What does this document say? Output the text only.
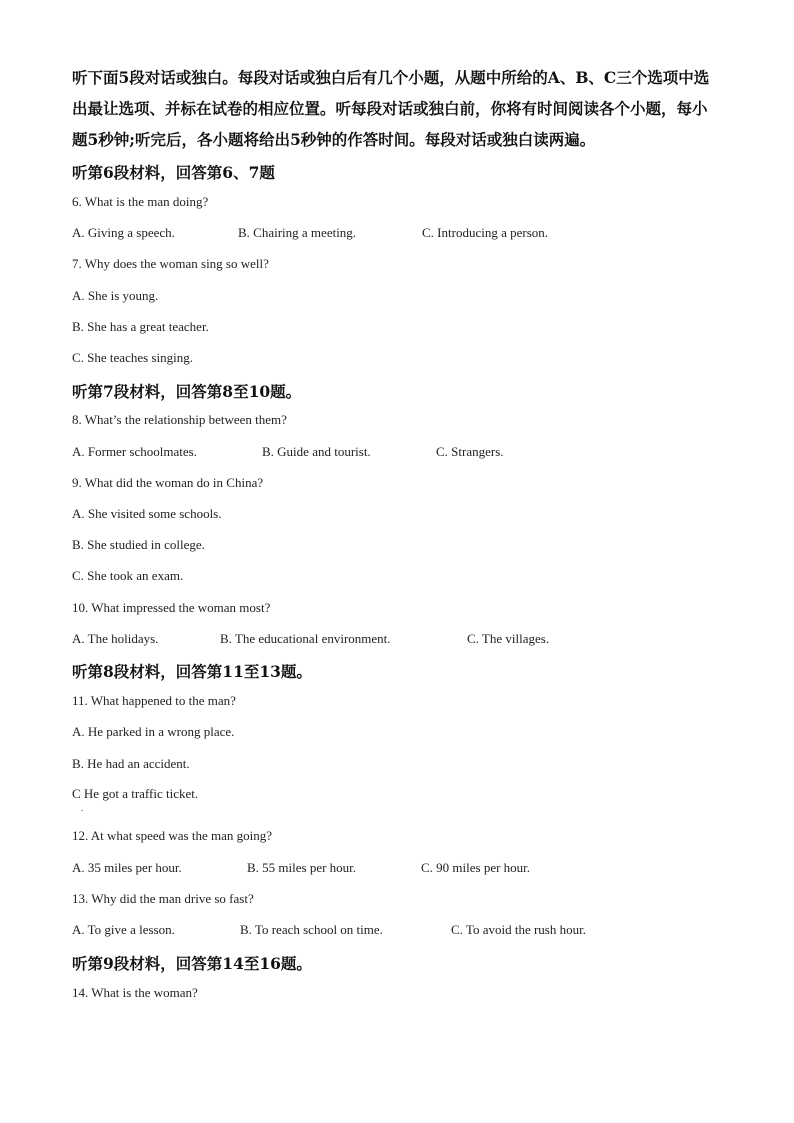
听下面5段对话或独白。每段对话或独白后有几个小题，从题中所给的A、B、C三个选项中选出最让选项、并标在试卷的相应位置。听每段对话或独白前，你将有时间阅读各个小题，每小题5秒钟;听完后，各小题将给出5秒钟的作答时间。每段对话或独白读两遍。
听第6段材料，回答第6、7题
6. What is the man doing?
A. Giving a speech.	B. Chairing a meeting.	C. Introducing a person.
7. Why does the woman sing so well?
A. She is young.
B. She has a great teacher.
C. She teaches singing.
听第7段材料，回答第8至10题。
8. What’s the relationship between them?
A. Former schoolmates.	B. Guide and tourist.	C. Strangers.
9. What did the woman do in China?
A. She visited some schools.
B. She studied in college.
C. She took an exam.
10. What impressed the woman most?
A. The holidays.	B. The educational environment.	C. The villages.
听第8段材料，回答第11至13题。
11. What happened to the man?
A. He parked in a wrong place.
B. He had an accident.
C He got a traffic ticket.
.
12. At what speed was the man going?
A. 35 miles per hour.	B. 55 miles per hour.	C. 90 miles per hour.
13. Why did the man drive so fast?
A. To give a lesson.	B. To reach school on time.	C. To avoid the rush hour.
听第9段材料，回答第14至16题。
14. What is the woman?
